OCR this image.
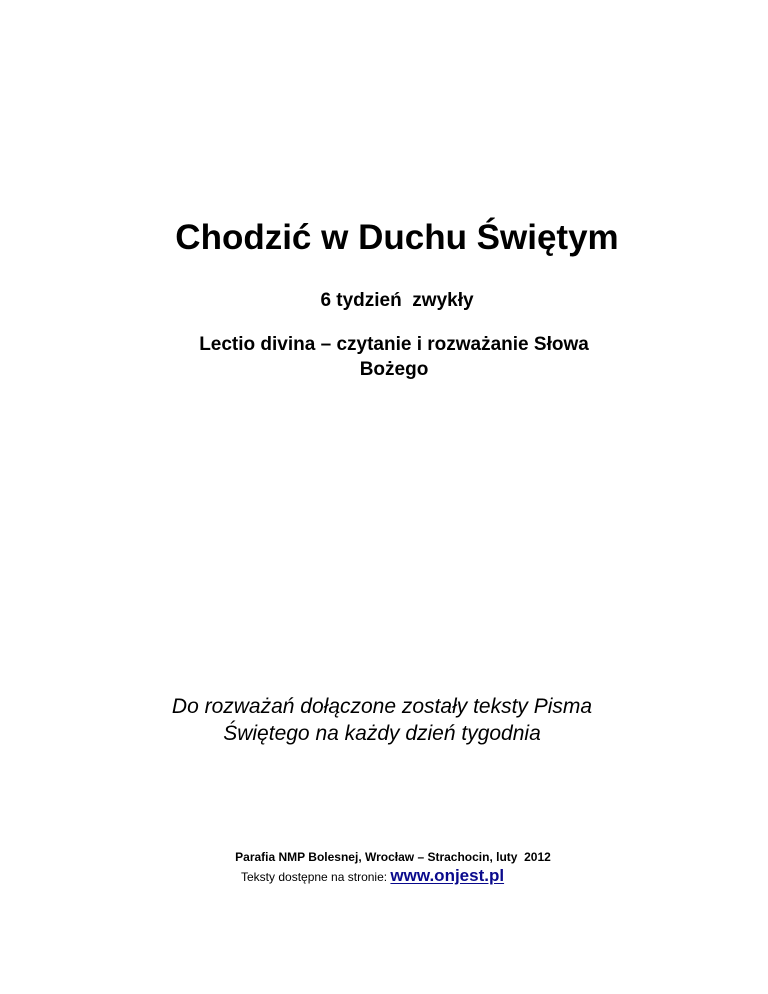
Chodzić w Duchu Świętym

6 tydzień  zwykły

Lectio divina – czytanie i rozważanie Słowa
Bożego

Do rozważań dołączone zostały teksty Pisma
Świętego na każdy dzień tygodnia

Parafia NMP Bolesnej, Wrocław – Strachocin, luty  2012

Teksty dostępne na stronie: www.onjest.pl
